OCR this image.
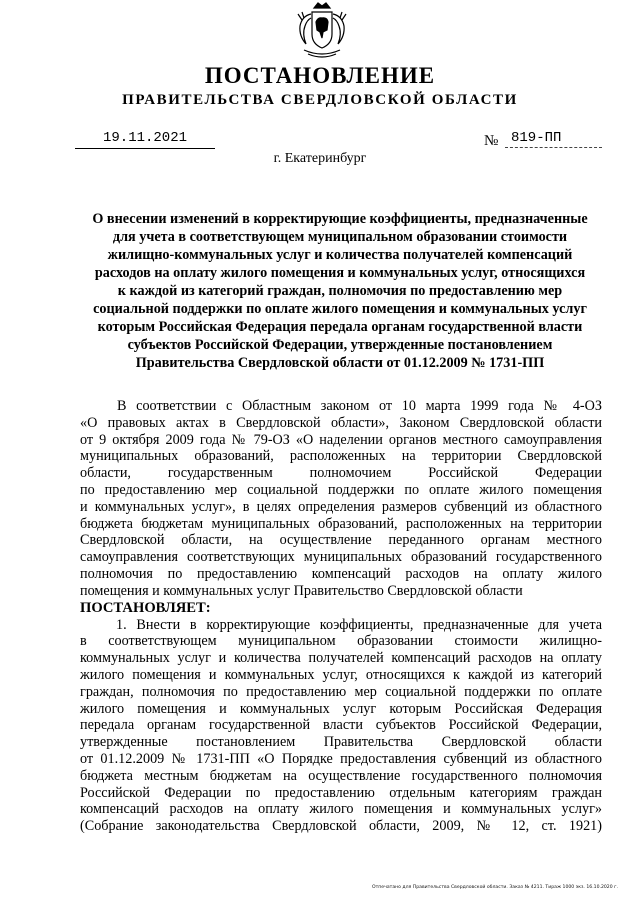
ПОСТАНОВЛЕНИЕ
ПРАВИТЕЛЬСТВА СВЕРДЛОВСКОЙ ОБЛАСТИ
19.11.2021	№ 819-ПП
г. Екатеринбург
О внесении изменений в корректирующие коэффициенты, предназначенные
для учета в соответствующем муниципальном образовании стоимости
жилищно-коммунальных услуг и количества получателей компенсаций
расходов на оплату жилого помещения и коммунальных услуг, относящихся
к каждой из категорий граждан, полномочия по предоставлению мер
социальной поддержки по оплате жилого помещения и коммунальных услуг
которым Российская Федерация передала органам государственной власти
субъектов Российской Федерации, утвержденные постановлением
Правительства Свердловской области от 01.12.2009 № 1731-ПП
В соответствии с Областным законом от 10 марта 1999 года № 4-ОЗ
«О правовых актах в Свердловской области», Законом Свердловской области
от 9 октября 2009 года № 79-ОЗ «О наделении органов местного самоуправления
муниципальных образований, расположенных на территории Свердловской
области, государственным полномочием Российской Федерации
по предоставлению мер социальной поддержки по оплате жилого помещения
и коммунальных услуг», в целях определения размеров субвенций из областного
бюджета бюджетам муниципальных образований, расположенных на территории
Свердловской области, на осуществление переданного органам местного
самоуправления соответствующих муниципальных образований государственного
полномочия по предоставлению компенсаций расходов на оплату жилого
помещения и коммунальных услуг Правительство Свердловской области
ПОСТАНОВЛЯЕТ:
1. Внести в корректирующие коэффициенты, предназначенные для учета
в соответствующем муниципальном образовании стоимости жилищно-
коммунальных услуг и количества получателей компенсаций расходов на оплату
жилого помещения и коммунальных услуг, относящихся к каждой из категорий
граждан, полномочия по предоставлению мер социальной поддержки по оплате
жилого помещения и коммунальных услуг которым Российская Федерация
передала органам государственной власти субъектов Российской Федерации,
утвержденные постановлением Правительства Свердловской области
от 01.12.2009 № 1731-ПП «О Порядке предоставления субвенций из областного
бюджета местным бюджетам на осуществление государственного полномочия
Российской Федерации по предоставлению отдельным категориям граждан
компенсаций расходов на оплату жилого помещения и коммунальных услуг»
(Собрание законодательства Свердловской области, 2009, № 12, ст. 1921)
Отпечатано для Правительства Свердловской области. Заказ № 4211. Тираж 1000 экз. 16.10.2020 г.
